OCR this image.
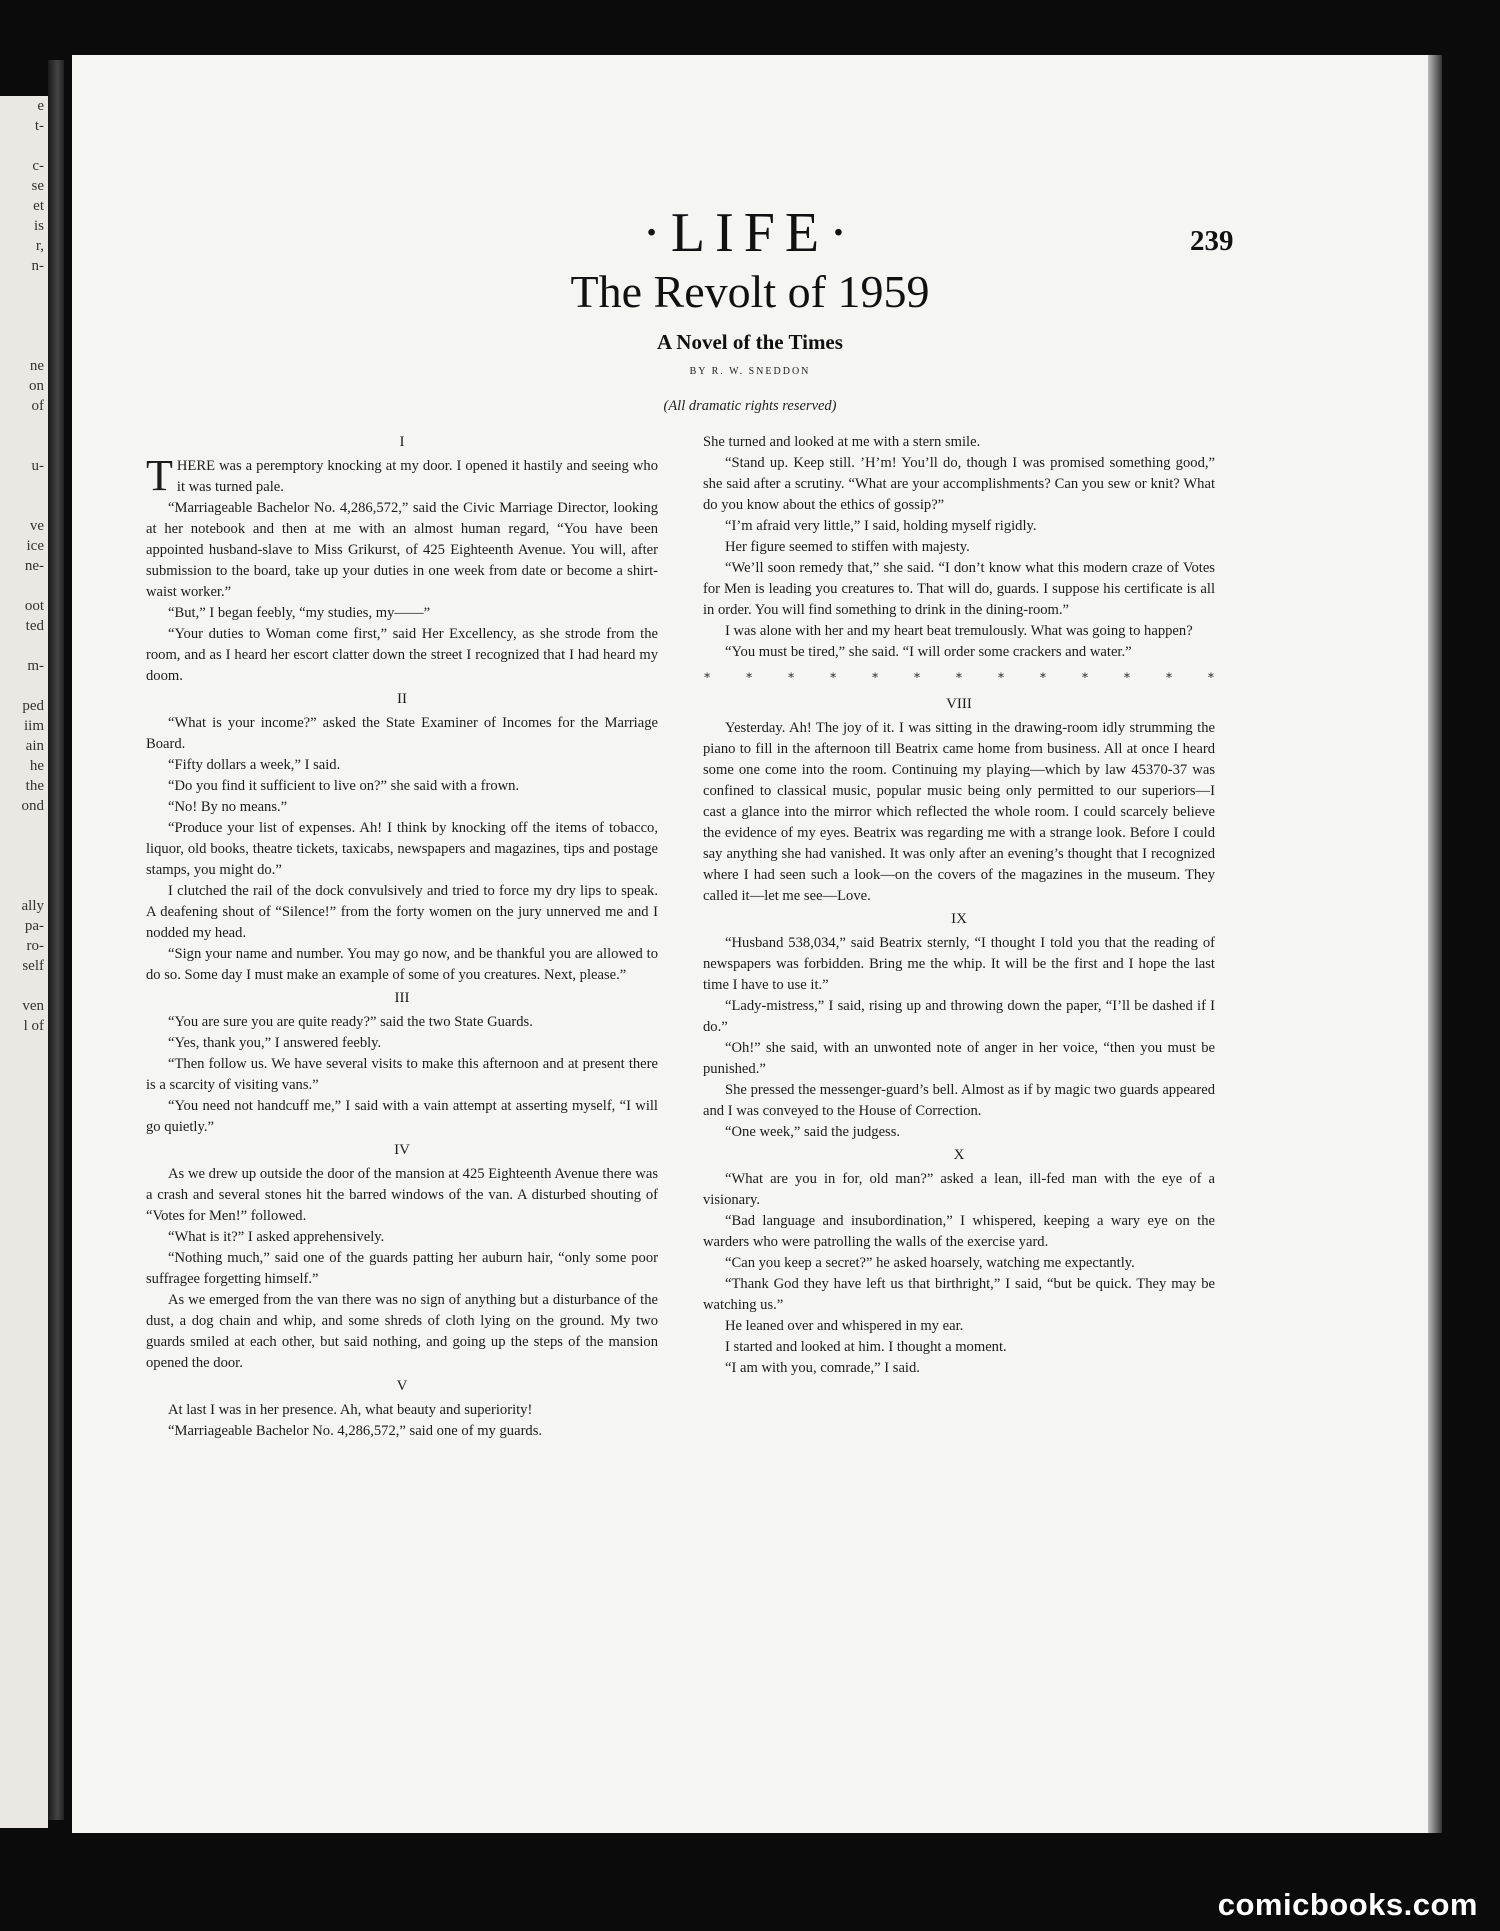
e
t-

c-
se
et
is
r,
n-

ne
on
of

u-

ve
ice
ne-

oot
ted

m-

ped
iim
ain
he
the
ond

ally
pa-
ro-
self

ven
l of
·LIFE·	239
The Revolt of 1959
A Novel of the Times
BY R. W. SNEDDON
(All dramatic rights reserved)
I

THERE was a peremptory knocking at my door. I opened it hastily and seeing who it was turned pale.

“Marriageable Bachelor No. 4,286,572,” said the Civic Marriage Director, looking at her notebook and then at me with an almost human regard, “You have been appointed husband-slave to Miss Grikurst, of 425 Eighteenth Avenue. You will, after submission to the board, take up your duties in one week from date or become a shirt-waist worker.”

“But,” I began feebly, “my studies, my——”

“Your duties to Woman come first,” said Her Excellency, as she strode from the room, and as I heard her escort clatter down the street I recognized that I had heard my doom.

II

“What is your income?” asked the State Examiner of Incomes for the Marriage Board.

“Fifty dollars a week,” I said.

“Do you find it sufficient to live on?” she said with a frown.

“No! By no means.”

“Produce your list of expenses. Ah! I think by knocking off the items of tobacco, liquor, old books, theatre tickets, taxicabs, newspapers and magazines, tips and postage stamps, you might do.”

I clutched the rail of the dock convulsively and tried to force my dry lips to speak. A deafening shout of “Silence!” from the forty women on the jury unnerved me and I nodded my head.

“Sign your name and number. You may go now, and be thankful you are allowed to do so. Some day I must make an example of some of you creatures. Next, please.”

III

“You are sure you are quite ready?” said the two State Guards.

“Yes, thank you,” I answered feebly.

“Then follow us. We have several visits to make this afternoon and at present there is a scarcity of visiting vans.”

“You need not handcuff me,” I said with a vain attempt at asserting myself, “I will go quietly.”

IV

As we drew up outside the door of the mansion at 425 Eighteenth Avenue there was a crash and several stones hit the barred windows of the van. A disturbed shouting of “Votes for Men!” followed.

“What is it?” I asked apprehensively.

“Nothing much,” said one of the guards patting her auburn hair, “only some poor suffragee forgetting himself.”

As we emerged from the van there was no sign of anything but a disturbance of the dust, a dog chain and whip, and some shreds of cloth lying on the ground. My two guards smiled at each other, but said nothing, and going up the steps of the mansion opened the door.

V

At last I was in her presence. Ah, what beauty and superiority!

“Marriageable Bachelor No. 4,286,572,” said one of my guards.

She turned and looked at me with a stern smile.

“Stand up. Keep still. ’H’m! You’ll do, though I was promised something good,” she said after a scrutiny. “What are your accomplishments? Can you sew or knit? What do you know about the ethics of gossip?”

“I’m afraid very little,” I said, holding myself rigidly.

Her figure seemed to stiffen with majesty.

“We’ll soon remedy that,” she said. “I don’t know what this modern craze of Votes for Men is leading you creatures to. That will do, guards. I suppose his certificate is all in order. You will find something to drink in the dining-room.”

I was alone with her and my heart beat tremulously. What was going to happen?

“You must be tired,” she said. “I will order some crackers and water.”

∗	∗	∗	∗	∗	∗	∗	∗	∗	∗	∗	∗	∗
VIII

Yesterday. Ah! The joy of it. I was sitting in the drawing-room idly strumming the piano to fill in the afternoon till Beatrix came home from business. All at once I heard some one come into the room. Continuing my playing—which by law 45370-37 was confined to classical music, popular music being only permitted to our superiors—I cast a glance into the mirror which reflected the whole room. I could scarcely believe the evidence of my eyes. Beatrix was regarding me with a strange look. Before I could say anything she had vanished. It was only after an evening’s thought that I recognized where I had seen such a look—on the covers of the magazines in the museum. They called it—let me see—Love.

IX

“Husband 538,034,” said Beatrix sternly, “I thought I told you that the reading of newspapers was forbidden. Bring me the whip. It will be the first and I hope the last time I have to use it.”

“Lady-mistress,” I said, rising up and throwing down the paper, “I’ll be dashed if I do.”

“Oh!” she said, with an unwonted note of anger in her voice, “then you must be punished.”

She pressed the messenger-guard’s bell. Almost as if by magic two guards appeared and I was conveyed to the House of Correction.

“One week,” said the judgess.

X

“What are you in for, old man?” asked a lean, ill-fed man with the eye of a visionary.

“Bad language and insubordination,” I whispered, keeping a wary eye on the warders who were patrolling the walls of the exercise yard.

“Can you keep a secret?” he asked hoarsely, watching me expectantly.

“Thank God they have left us that birthright,” I said, “but be quick. They may be watching us.”

He leaned over and whispered in my ear.

I started and looked at him. I thought a moment.

“I am with you, comrade,” I said.

comicbooks.com
